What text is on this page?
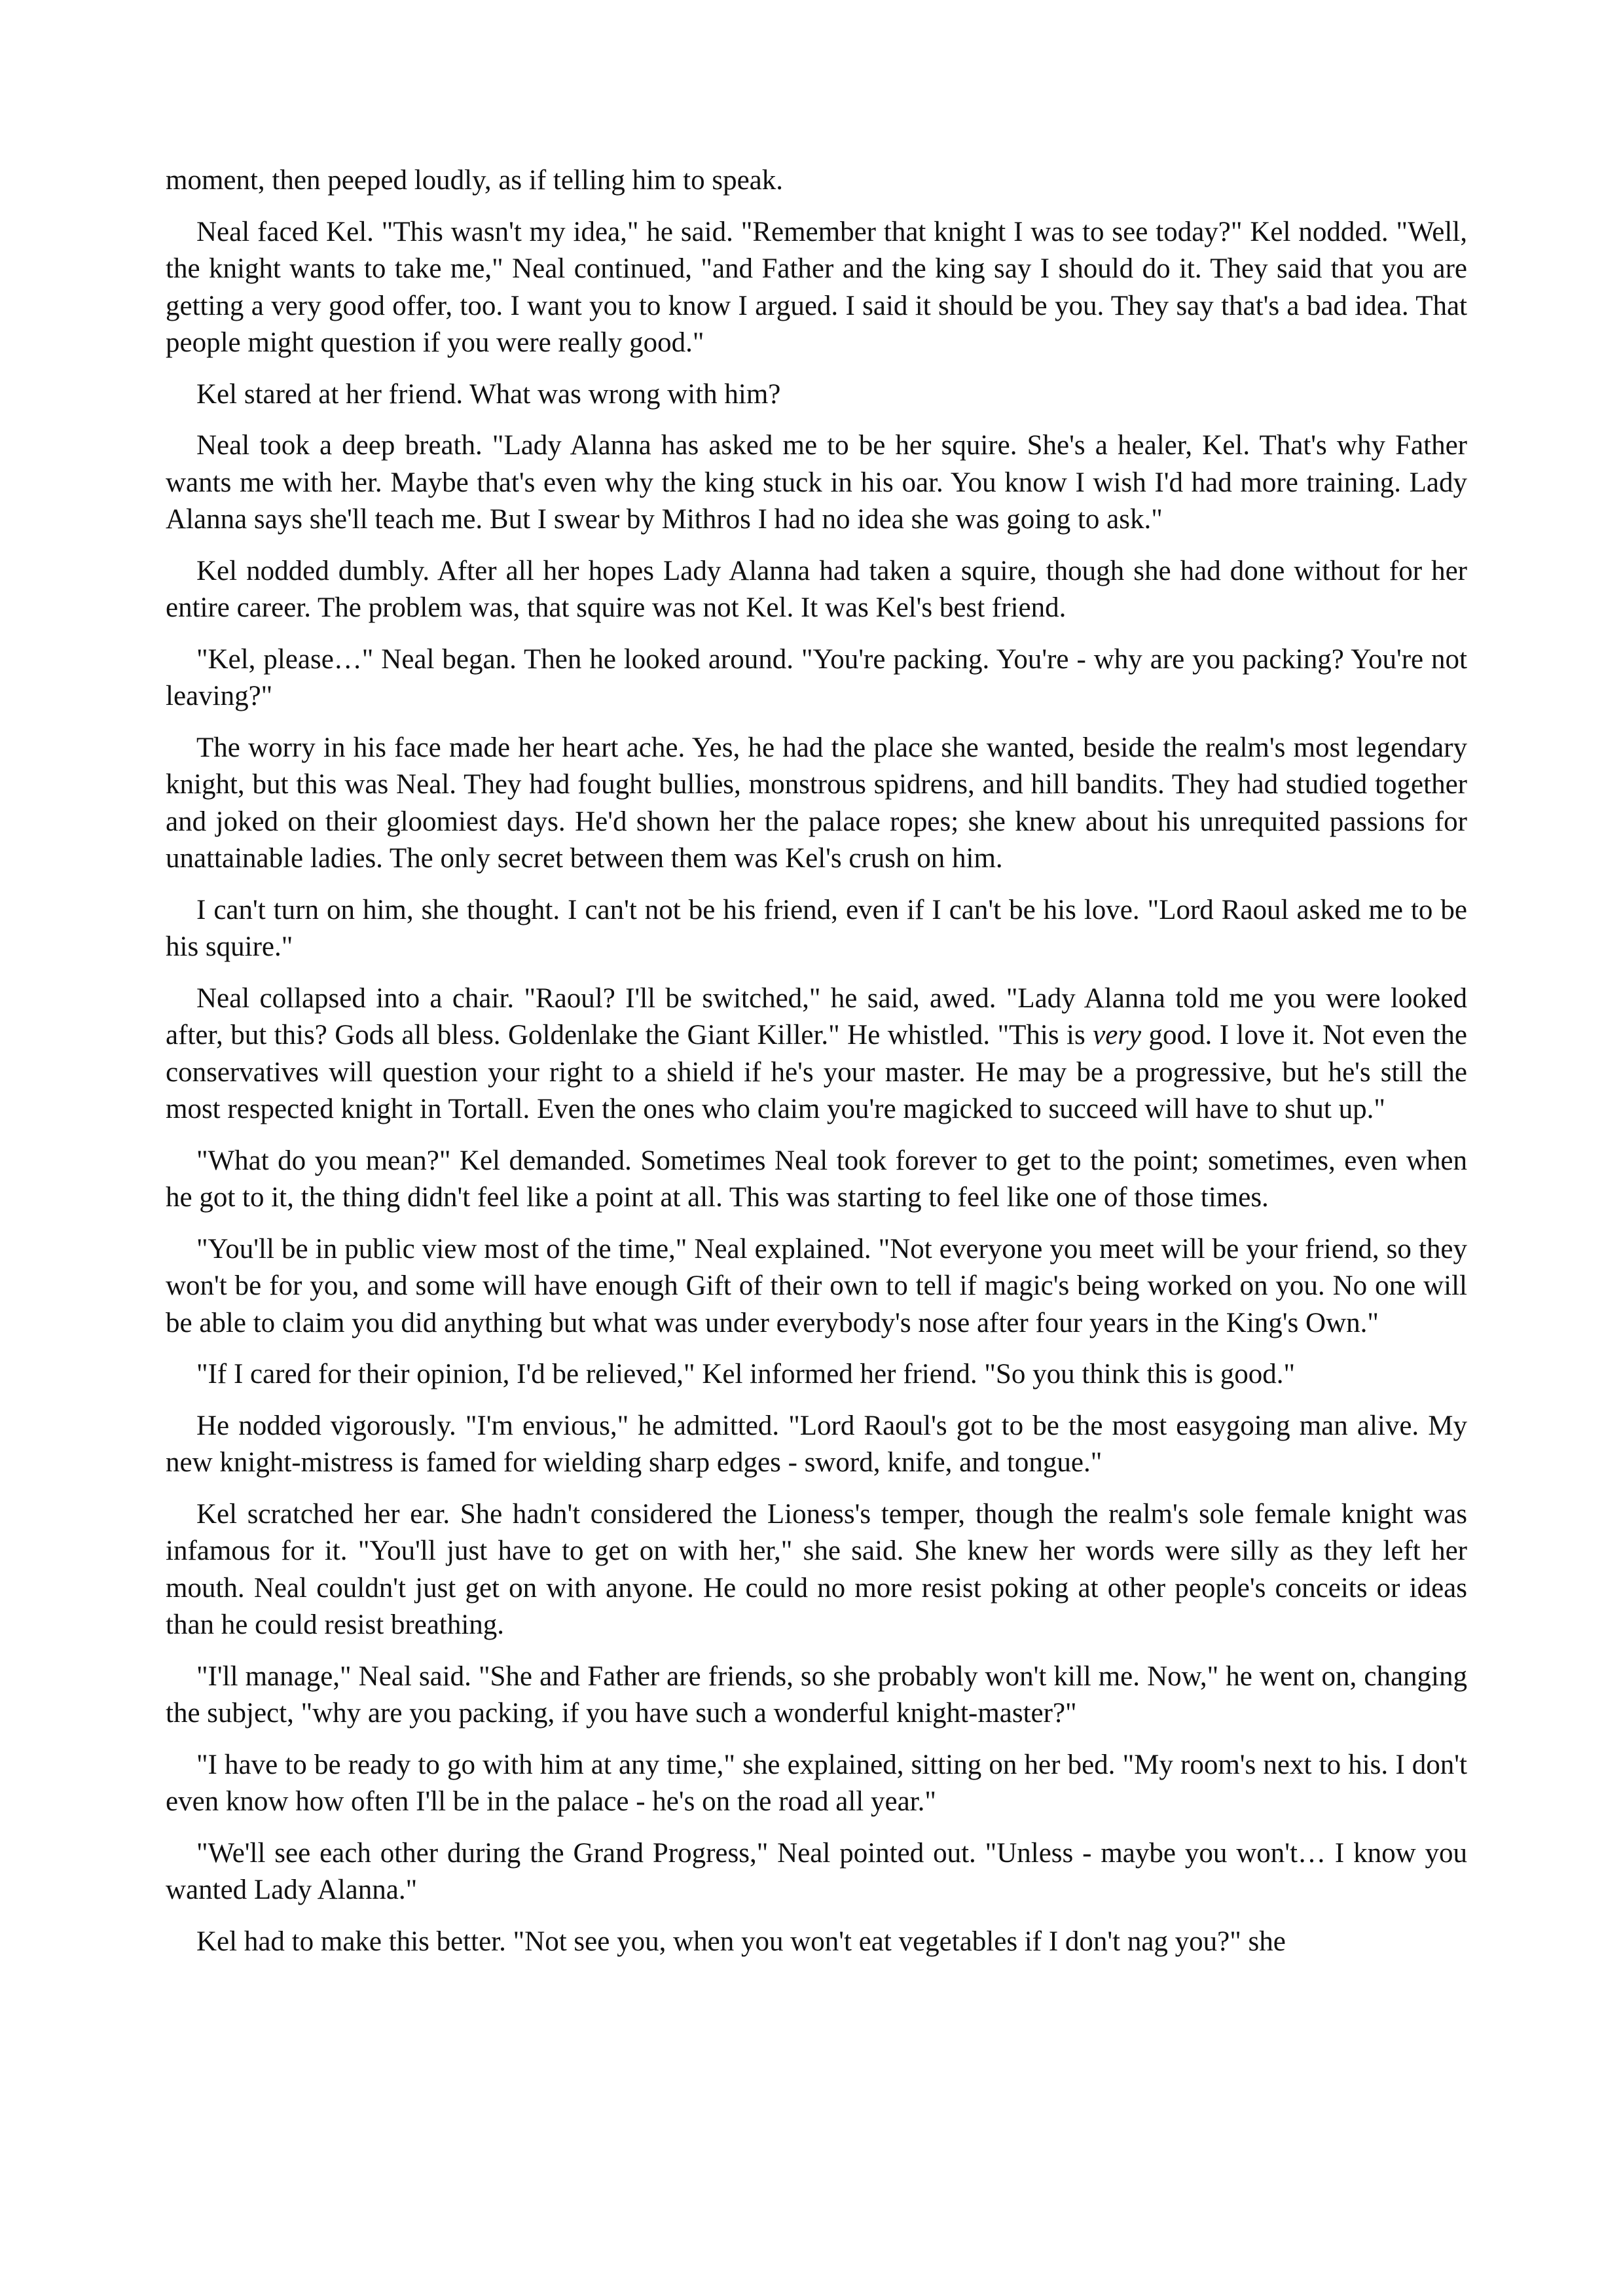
moment, then peeped loudly, as if telling him to speak.

Neal faced Kel. "This wasn't my idea," he said. "Remember that knight I was to see today?" Kel nodded. "Well, the knight wants to take me," Neal continued, "and Father and the king say I should do it. They said that you are getting a very good offer, too. I want you to know I argued. I said it should be you. They say that's a bad idea. That people might question if you were really good."

Kel stared at her friend. What was wrong with him?

Neal took a deep breath. "Lady Alanna has asked me to be her squire. She's a healer, Kel. That's why Father wants me with her. Maybe that's even why the king stuck in his oar. You know I wish I'd had more training. Lady Alanna says she'll teach me. But I swear by Mithros I had no idea she was going to ask."

Kel nodded dumbly. After all her hopes Lady Alanna had taken a squire, though she had done without for her entire career. The problem was, that squire was not Kel. It was Kel's best friend.

"Kel, please…" Neal began. Then he looked around. "You're packing. You're - why are you packing? You're not leaving?"

The worry in his face made her heart ache. Yes, he had the place she wanted, beside the realm's most legendary knight, but this was Neal. They had fought bullies, monstrous spidrens, and hill bandits. They had studied together and joked on their gloomiest days. He'd shown her the palace ropes; she knew about his unrequited passions for unattainable ladies. The only secret between them was Kel's crush on him.

I can't turn on him, she thought. I can't not be his friend, even if I can't be his love. "Lord Raoul asked me to be his squire."

Neal collapsed into a chair. "Raoul? I'll be switched," he said, awed. "Lady Alanna told me you were looked after, but this? Gods all bless. Goldenlake the Giant Killer." He whistled. "This is very good. I love it. Not even the conservatives will question your right to a shield if he's your master. He may be a progressive, but he's still the most respected knight in Tortall. Even the ones who claim you're magicked to succeed will have to shut up."

"What do you mean?" Kel demanded. Sometimes Neal took forever to get to the point; sometimes, even when he got to it, the thing didn't feel like a point at all. This was starting to feel like one of those times.

"You'll be in public view most of the time," Neal explained. "Not everyone you meet will be your friend, so they won't be for you, and some will have enough Gift of their own to tell if magic's being worked on you. No one will be able to claim you did anything but what was under everybody's nose after four years in the King's Own."

"If I cared for their opinion, I'd be relieved," Kel informed her friend. "So you think this is good."

He nodded vigorously. "I'm envious," he admitted. "Lord Raoul's got to be the most easygoing man alive. My new knight-mistress is famed for wielding sharp edges - sword, knife, and tongue."

Kel scratched her ear. She hadn't considered the Lioness's temper, though the realm's sole female knight was infamous for it. "You'll just have to get on with her," she said. She knew her words were silly as they left her mouth. Neal couldn't just get on with anyone. He could no more resist poking at other people's conceits or ideas than he could resist breathing.

"I'll manage," Neal said. "She and Father are friends, so she probably won't kill me. Now," he went on, changing the subject, "why are you packing, if you have such a wonderful knight-master?"

"I have to be ready to go with him at any time," she explained, sitting on her bed. "My room's next to his. I don't even know how often I'll be in the palace - he's on the road all year."

"We'll see each other during the Grand Progress," Neal pointed out. "Unless - maybe you won't… I know you wanted Lady Alanna."

Kel had to make this better. "Not see you, when you won't eat vegetables if I don't nag you?" she
